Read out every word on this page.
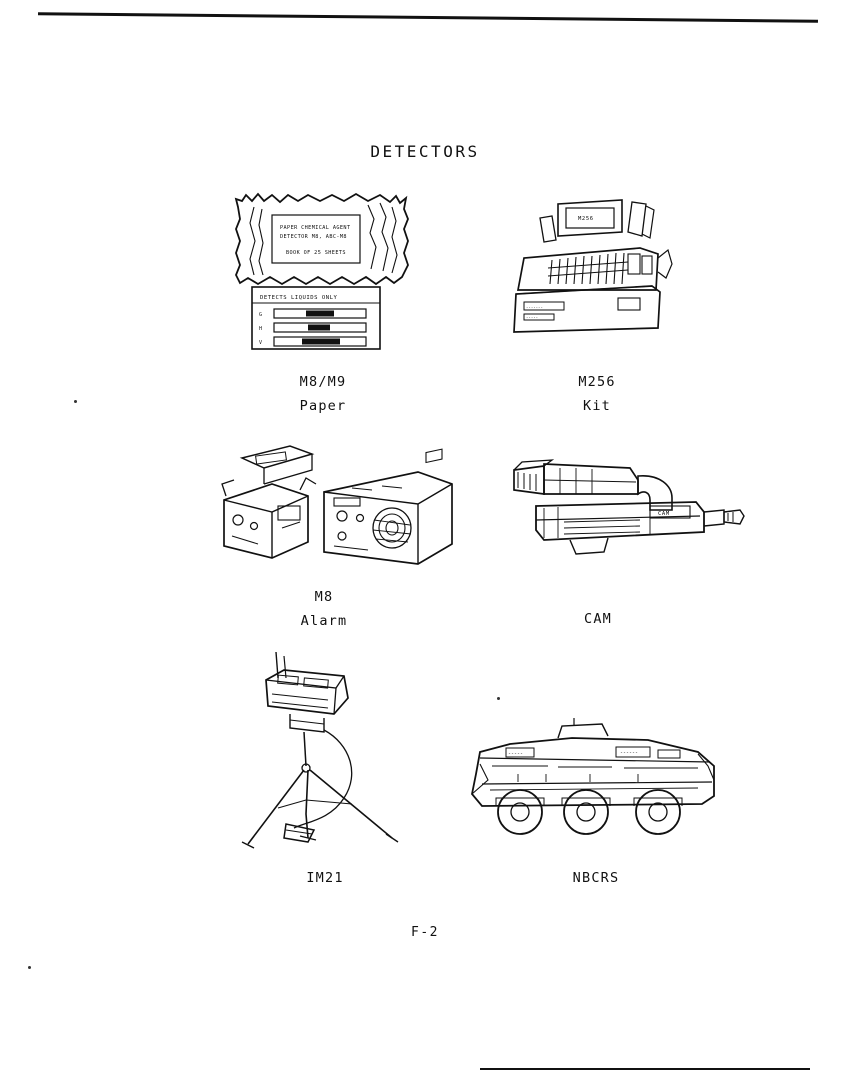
DETECTORS
PAPER CHEMICAL AGENT
DETECTOR M8, ABC-M8
BOOK OF 25 SHEETS
DETECTS LIQUIDS ONLY
G
H
V
YELLOW
RED
DK GREEN
M8/M9
Paper
M256
-------
-----
M256
Kit
M8
Alarm
CAM
CAM
IM21
------
-----
NBCRS
F-2
